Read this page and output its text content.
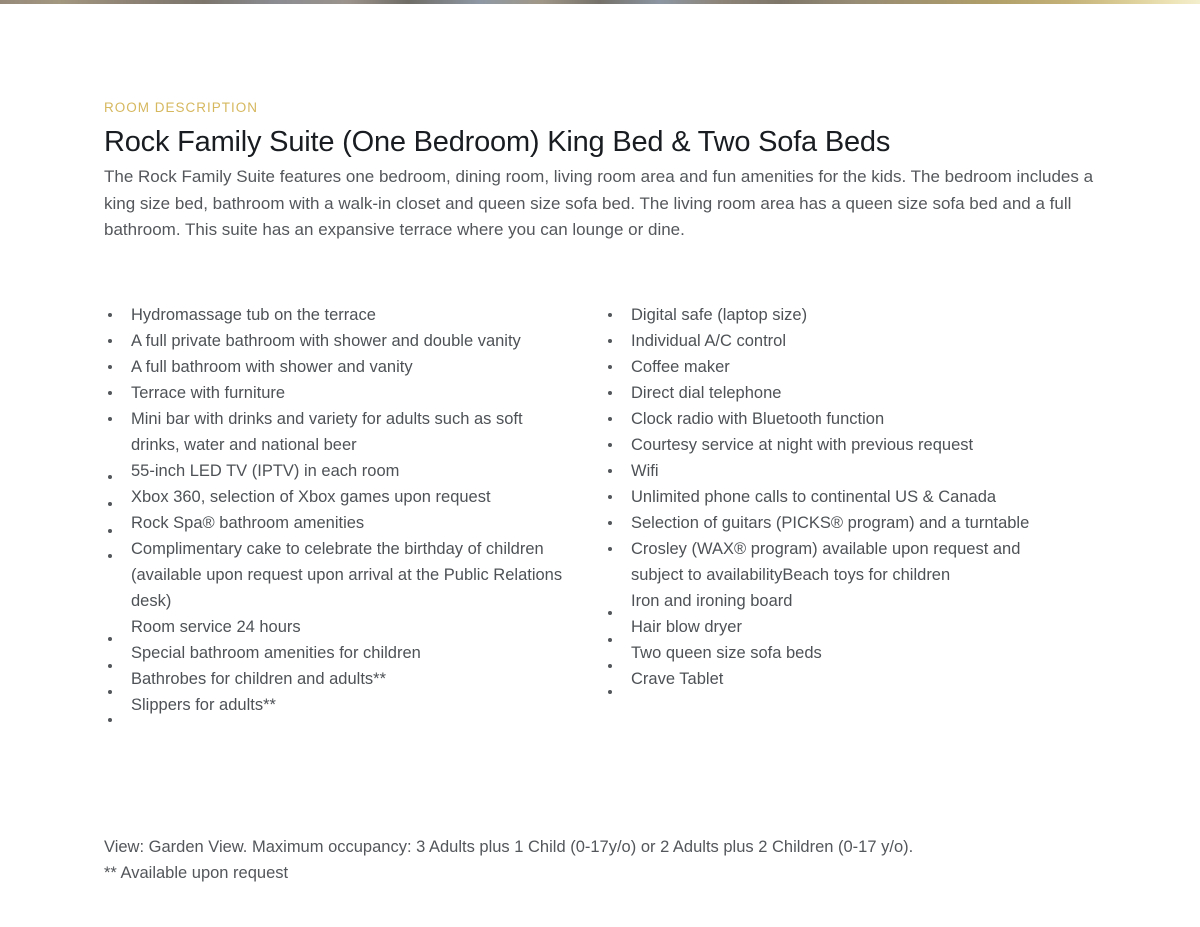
ROOM DESCRIPTION
Rock Family Suite (One Bedroom) King Bed & Two Sofa Beds

The Rock Family Suite features one bedroom, dining room, living room area and fun amenities for the kids. The bedroom includes a king size bed, bathroom with a walk-in closet and queen size sofa bed. The living room area has a queen size sofa bed and a full bathroom. This suite has an expansive terrace where you can lounge or dine.

Hydromassage tub on the terrace
A full private bathroom with shower and double vanity
A full bathroom with shower and vanity
Terrace with furniture
Mini bar with drinks and variety for adults such as soft drinks, water and national beer
55-inch LED TV (IPTV) in each room
Xbox 360, selection of Xbox games upon request
Rock Spa® bathroom amenities
Complimentary cake to celebrate the birthday of children (available upon request upon arrival at the Public Relations desk)
Room service 24 hours
Special bathroom amenities for children
Bathrobes for children and adults**
Slippers for adults**
Digital safe (laptop size)
Individual A/C control
Coffee maker
Direct dial telephone
Clock radio with Bluetooth function
Courtesy service at night with previous request
Wifi
Unlimited phone calls to continental US & Canada
Selection of guitars (PICKS® program) and a turntable
Crosley (WAX® program) available upon request and subject to availabilityBeach toys for children
Iron and ironing board
Hair blow dryer
Two queen size sofa beds
Crave Tablet

View: Garden View. Maximum occupancy: 3 Adults plus 1 Child (0-17y/o) or 2 Adults plus 2 Children (0-17 y/o).

** Available upon request
